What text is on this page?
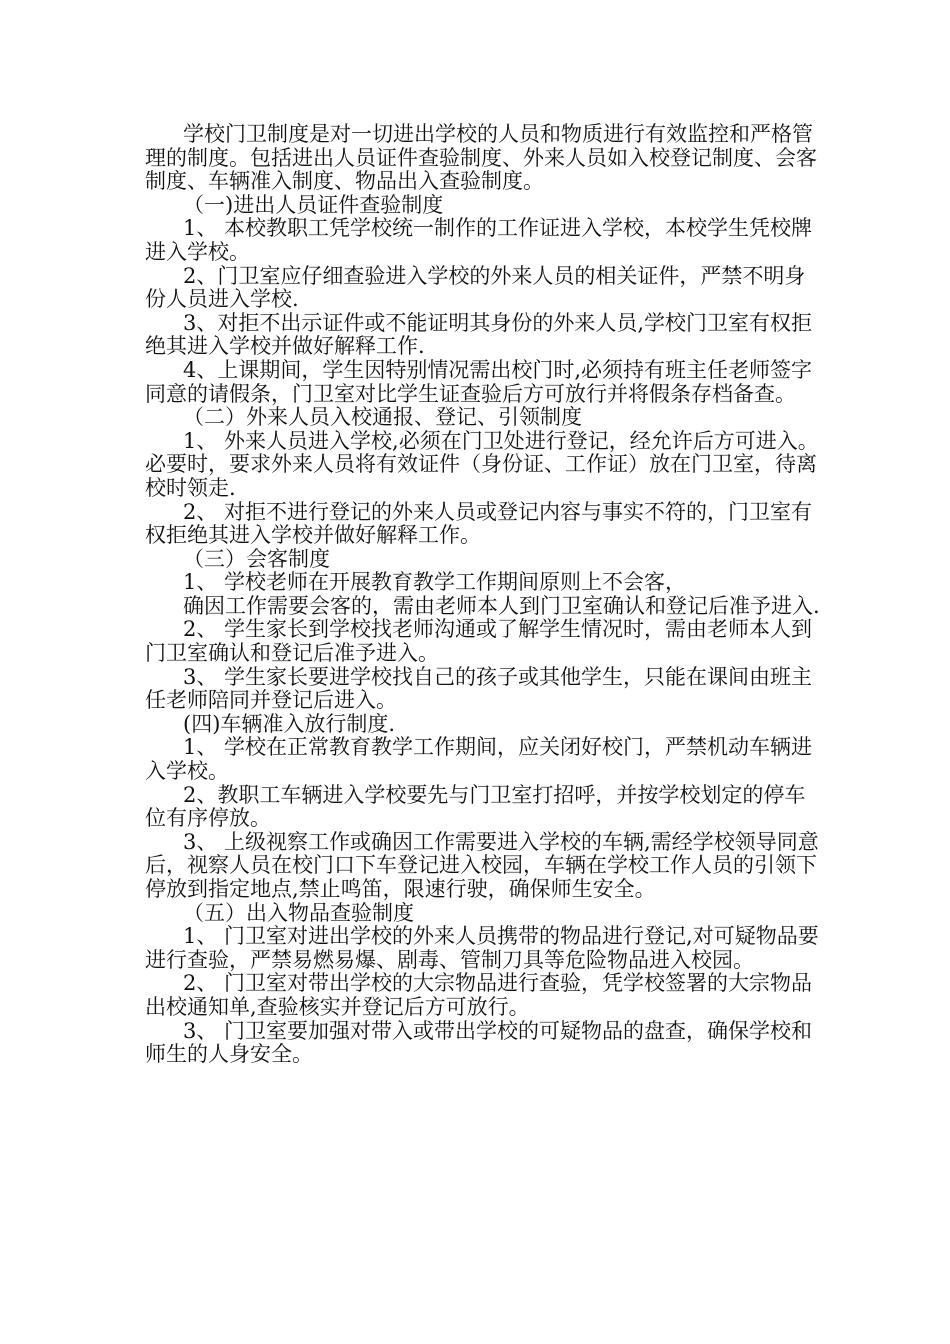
学校门卫制度是对一切进出学校的人员和物质进行有效监控和严格管理的制度。包括进出人员证件查验制度、外来人员如入校登记制度、会客制度、车辆准入制度、物品出入查验制度。

（一)进出人员证件查验制度

1、 本校教职工凭学校统一制作的工作证进入学校，本校学生凭校牌进入学校。

2、门卫室应仔细查验进入学校的外来人员的相关证件，严禁不明身份人员进入学校.

3、对拒不出示证件或不能证明其身份的外来人员,学校门卫室有权拒绝其进入学校并做好解释工作.

4、上课期间，学生因特别情况需出校门时,必须持有班主任老师签字同意的请假条，门卫室对比学生证查验后方可放行并将假条存档备查。

（二）外来人员入校通报、登记、引领制度

1、 外来人员进入学校,必须在门卫处进行登记，经允许后方可进入。必要时，要求外来人员将有效证件（身份证、工作证）放在门卫室，待离校时领走.

2、 对拒不进行登记的外来人员或登记内容与事实不符的，门卫室有权拒绝其进入学校并做好解释工作。

（三）会客制度

1、 学校老师在开展教育教学工作期间原则上不会客，

确因工作需要会客的，需由老师本人到门卫室确认和登记后准予进入.

2、 学生家长到学校找老师沟通或了解学生情况时，需由老师本人到门卫室确认和登记后准予进入。

3、 学生家长要进学校找自己的孩子或其他学生，只能在课间由班主任老师陪同并登记后进入。

(四)车辆准入放行制度.

1、 学校在正常教育教学工作期间，应关闭好校门，严禁机动车辆进入学校。

2、教职工车辆进入学校要先与门卫室打招呼，并按学校划定的停车位有序停放。

3、 上级视察工作或确因工作需要进入学校的车辆,需经学校领导同意后，视察人员在校门口下车登记进入校园，车辆在学校工作人员的引领下停放到指定地点,禁止鸣笛，限速行驶，确保师生安全。

（五）出入物品查验制度

1、 门卫室对进出学校的外来人员携带的物品进行登记,对可疑物品要进行查验，严禁易燃易爆、剧毒、管制刀具等危险物品进入校园。

2、 门卫室对带出学校的大宗物品进行查验，凭学校签署的大宗物品出校通知单,查验核实并登记后方可放行。

3、 门卫室要加强对带入或带出学校的可疑物品的盘查，确保学校和师生的人身安全。
